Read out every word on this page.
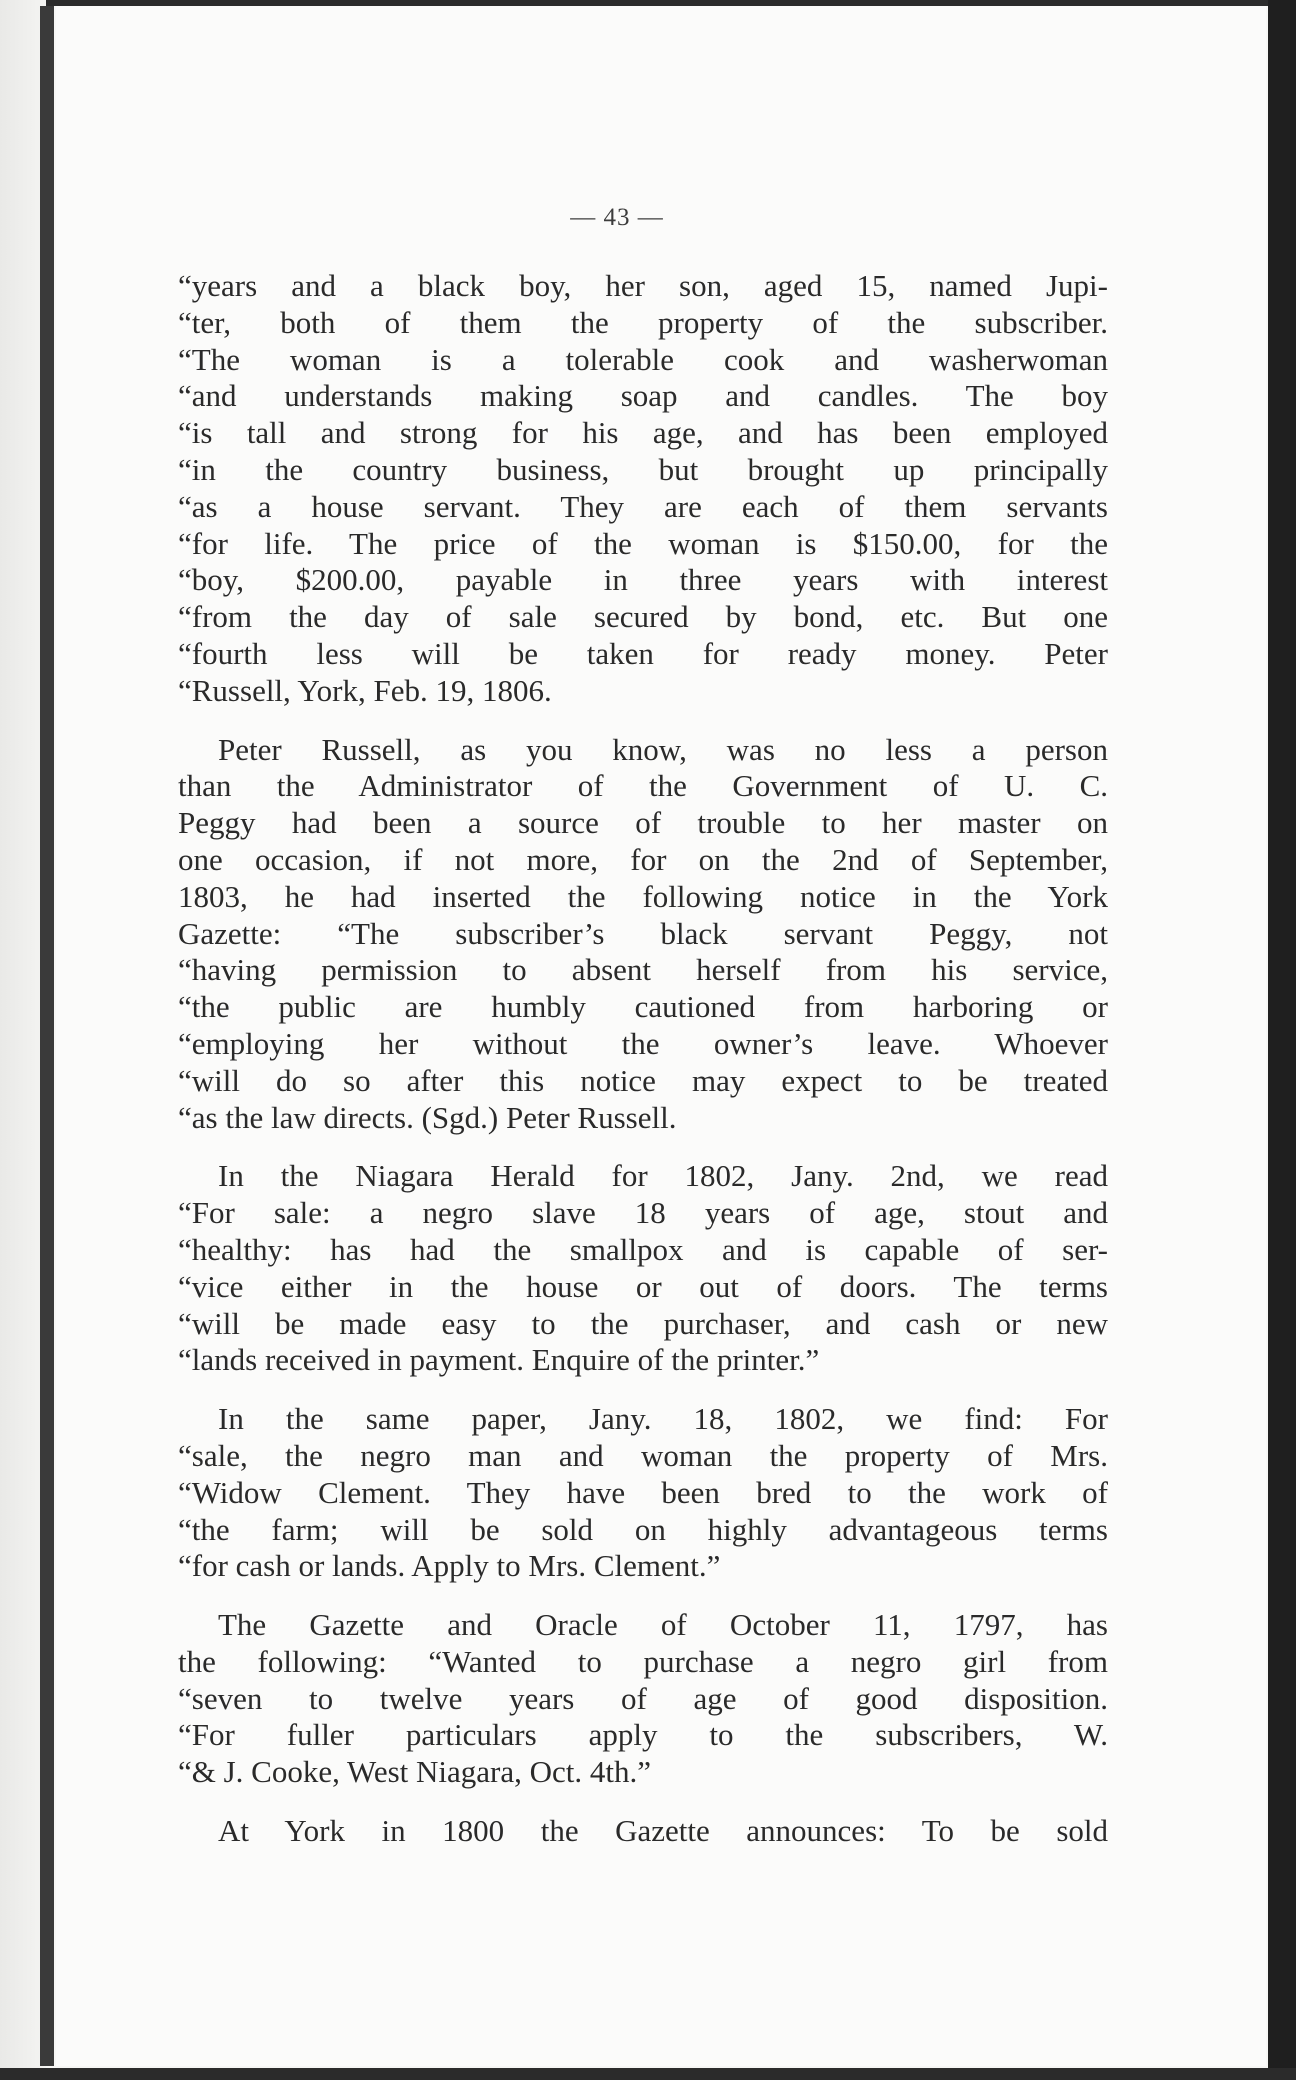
— 43 —
“years and a black boy, her son, aged 15, named Jupi-
“ter, both of them the property of the subscriber.
“The woman is a tolerable cook and washerwoman
“and understands making soap and candles. The boy
“is tall and strong for his age, and has been employed
“in the country business, but brought up principally
“as a house servant. They are each of them servants
“for life. The price of the woman is $150.00, for the
“boy, $200.00, payable in three years with interest
“from the day of sale secured by bond, etc. But one
“fourth less will be taken for ready money. Peter
“Russell, York, Feb. 19, 1806.
Peter Russell, as you know, was no less a person
than the Administrator of the Government of U. C.
Peggy had been a source of trouble to her master on
one occasion, if not more, for on the 2nd of September,
1803, he had inserted the following notice in the York
Gazette: “The subscriber’s black servant Peggy, not
“having permission to absent herself from his service,
“the public are humbly cautioned from harboring or
“employing her without the owner’s leave. Whoever
“will do so after this notice may expect to be treated
“as the law directs. (Sgd.) Peter Russell.
In the Niagara Herald for 1802, Jany. 2nd, we read
“For sale: a negro slave 18 years of age, stout and
“healthy: has had the smallpox and is capable of ser-
“vice either in the house or out of doors. The terms
“will be made easy to the purchaser, and cash or new
“lands received in payment. Enquire of the printer.”
In the same paper, Jany. 18, 1802, we find: For
“sale, the negro man and woman the property of Mrs.
“Widow Clement. They have been bred to the work of
“the farm; will be sold on highly advantageous terms
“for cash or lands. Apply to Mrs. Clement.”
The Gazette and Oracle of October 11, 1797, has
the following: “Wanted to purchase a negro girl from
“seven to twelve years of age of good disposition.
“For fuller particulars apply to the subscribers, W.
“& J. Cooke, West Niagara, Oct. 4th.”
At York in 1800 the Gazette announces: To be sold
